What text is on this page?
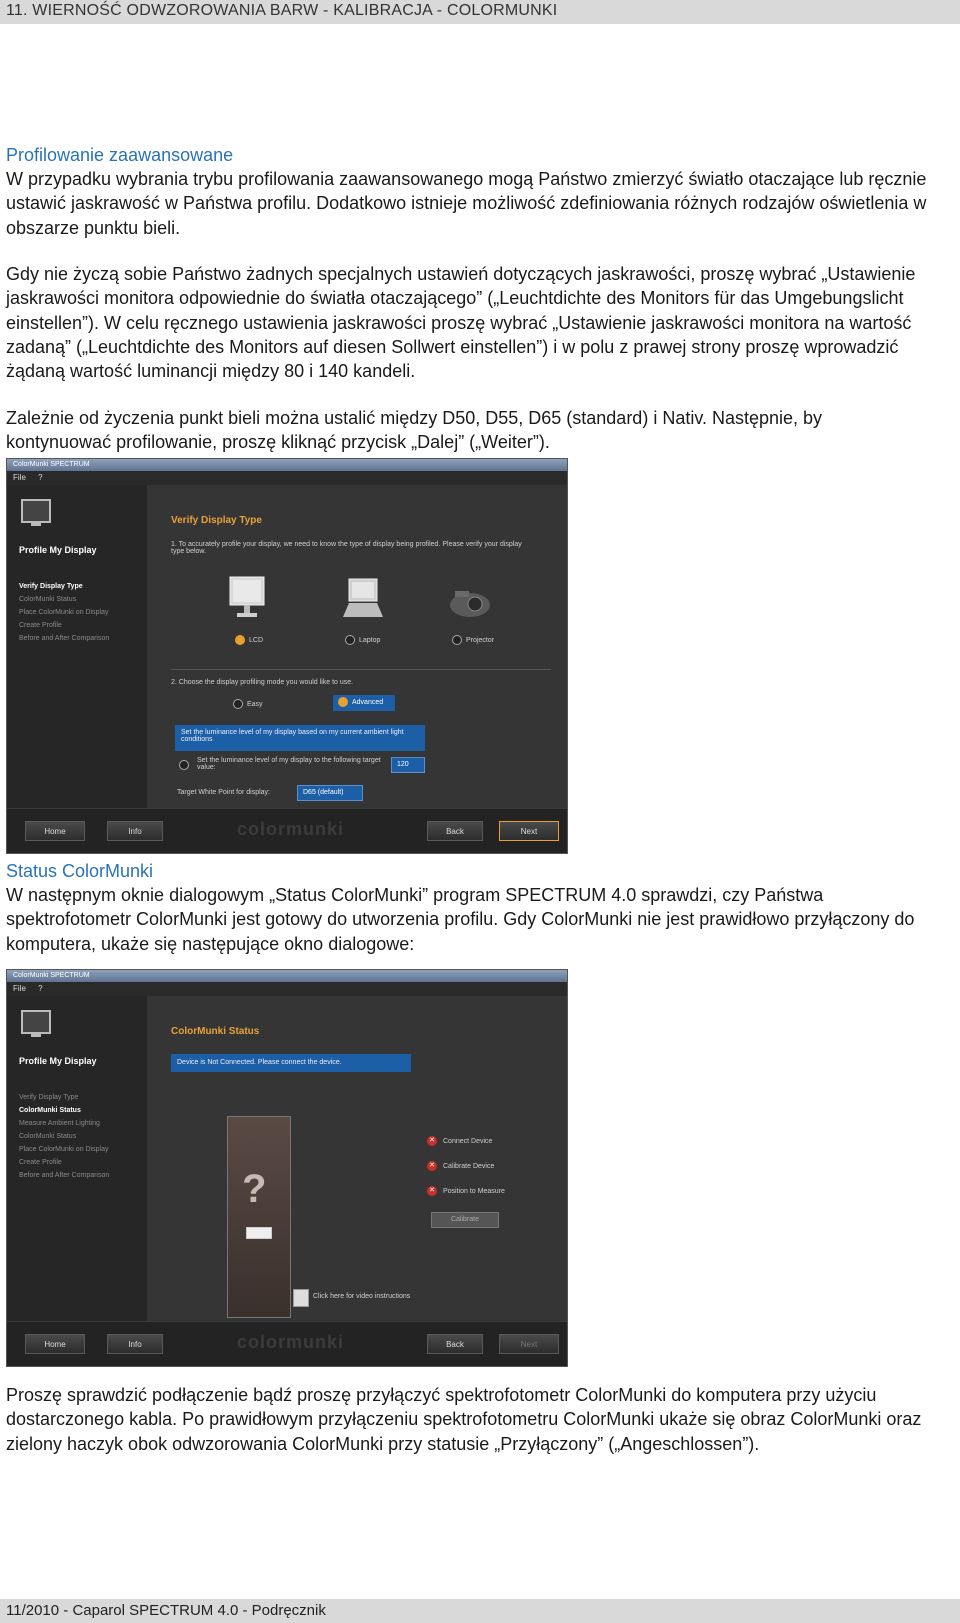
11. WIERNOŚĆ ODWZOROWANIA BARW - KALIBRACJA - COLORMUNKI
Profilowanie zaawansowane
W przypadku wybrania trybu profilowania zaawansowanego mogą Państwo zmierzyć światło otaczające lub ręcznie ustawić jaskrawość w Państwa profilu. Dodatkowo istnieje możliwość zdefiniowania różnych rodzajów oświetlenia w obszarze punktu bieli.
Gdy nie życzą sobie Państwo żadnych specjalnych ustawień dotyczących jaskrawości, proszę wybrać „Ustawienie jaskrawości monitora odpowiednie do światła otaczającego” („Leuchtdichte des Monitors für das Umgebungslicht einstellen”). W celu ręcznego ustawienia jaskrawości proszę wybrać „Ustawienie jaskrawości monitora na wartość zadaną” („Leuchtdichte des Monitors auf diesen Sollwert einstellen”) i w polu z prawej strony proszę wprowadzić żądaną wartość luminancji między 80 i 140 kandeli.
Zależnie od życzenia punkt bieli można ustalić między D50, D55, D65 (standard) i Nativ. Następnie, by kontynuować profilowanie, proszę kliknąć przycisk „Dalej” („Weiter”).
ColorMunki SPECTRUM
File ?
Profile My Display
Verify Display Type
ColorMunki Status
Place ColorMunki on Display
Create Profile
Before and After Comparison
Verify Display Type
1. To accurately profile your display, we need to know the type of display being profiled. Please verify your display type below.
LCD	Laptop	Projector
2. Choose the display profiling mode you would like to use.
Easy	Advanced
Set the luminance level of my display based on my current ambient light conditions
Set the luminance level of my display to the following target value:	120
Target White Point for display:	D65 (default)
Home	Info	colormunki	Back	Next
Status ColorMunki
W następnym oknie dialogowym „Status ColorMunki” program SPECTRUM 4.0 sprawdzi, czy Państwa spektrofotometr ColorMunki jest gotowy do utworzenia profilu. Gdy ColorMunki nie jest prawidłowo przyłączony do komputera, ukaże się następujące okno dialogowe:
ColorMunki SPECTRUM
File ?
Profile My Display
Verify Display Type
ColorMunki Status
Measure Ambient Lighting
ColorMunki Status
Place ColorMunki on Display
Create Profile
Before and After Comparison
ColorMunki Status
Device is Not Connected. Please connect the device.
?
✕ Connect Device
✕ Calibrate Device
✕ Position to Measure
Calibrate
Click here for video instructions
Home	Info	colormunki	Back	Next
Proszę sprawdzić podłączenie bądź proszę przyłączyć spektrofotometr ColorMunki do komputera przy użyciu dostarczonego kabla. Po prawidłowym przyłączeniu spektrofotometru ColorMunki ukaże się obraz ColorMunki oraz zielony haczyk obok odwzorowania ColorMunki przy statusie „Przyłączony” („Angeschlossen”).
11/2010 - Caparol SPECTRUM 4.0 - Podręcznik
